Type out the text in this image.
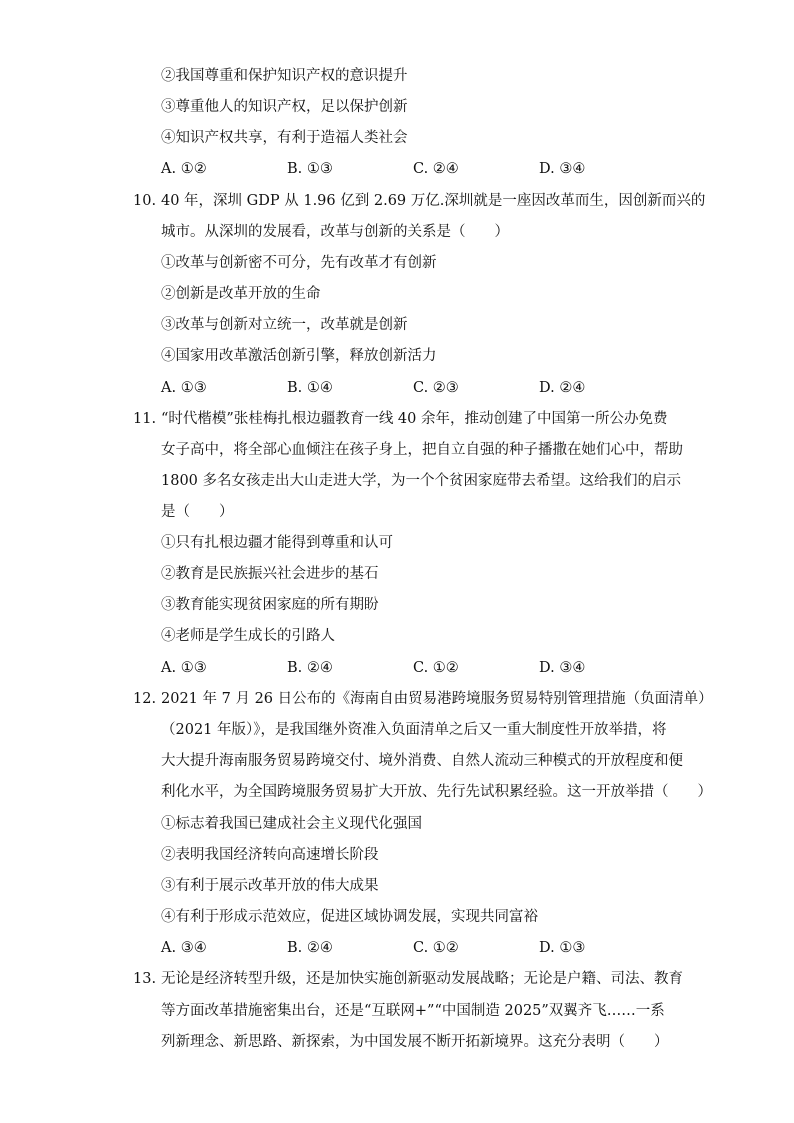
②我国尊重和保护知识产权的意识提升
③尊重他人的知识产权，足以保护创新
④知识产权共享，有利于造福人类社会
A. ①②	B. ①③	C. ②④	D. ③④
10. 40 年，深圳 GDP 从 1.96 亿到 2.69 万亿.深圳就是一座因改革而生，因创新而兴的
城市。从深圳的发展看，改革与创新的关系是（　　）
①改革与创新密不可分，先有改革才有创新
②创新是改革开放的生命
③改革与创新对立统一，改革就是创新
④国家用改革激活创新引擎，释放创新活力
A. ①③	B. ①④	C. ②③	D. ②④
11. “时代楷模”张桂梅扎根边疆教育一线 40 余年，推动创建了中国第一所公办免费
女子高中，将全部心血倾注在孩子身上，把自立自强的种子播撒在她们心中，帮助
1800 多名女孩走出大山走进大学，为一个个贫困家庭带去希望。这给我们的启示
是（　　）
①只有扎根边疆才能得到尊重和认可
②教育是民族振兴社会进步的基石
③教育能实现贫困家庭的所有期盼
④老师是学生成长的引路人
A. ①③	B. ②④	C. ①②	D. ③④
12. 2021 年 7 月 26 日公布的《海南自由贸易港跨境服务贸易特别管理措施（负面清单）
（2021 年版）》，是我国继外资准入负面清单之后又一重大制度性开放举措，将
大大提升海南服务贸易跨境交付、境外消费、自然人流动三种模式的开放程度和便
利化水平，为全国跨境服务贸易扩大开放、先行先试积累经验。这一开放举措（　　）
①标志着我国已建成社会主义现代化强国
②表明我国经济转向高速增长阶段
③有利于展示改革开放的伟大成果
④有利于形成示范效应，促进区域协调发展，实现共同富裕
A. ③④	B. ②④	C. ①②	D. ①③
13. 无论是经济转型升级，还是加快实施创新驱动发展战略；无论是户籍、司法、教育
等方面改革措施密集出台，还是“互联网+”“中国制造 2025”双翼齐飞……一系
列新理念、新思路、新探索，为中国发展不断开拓新境界。这充分表明（　　）
